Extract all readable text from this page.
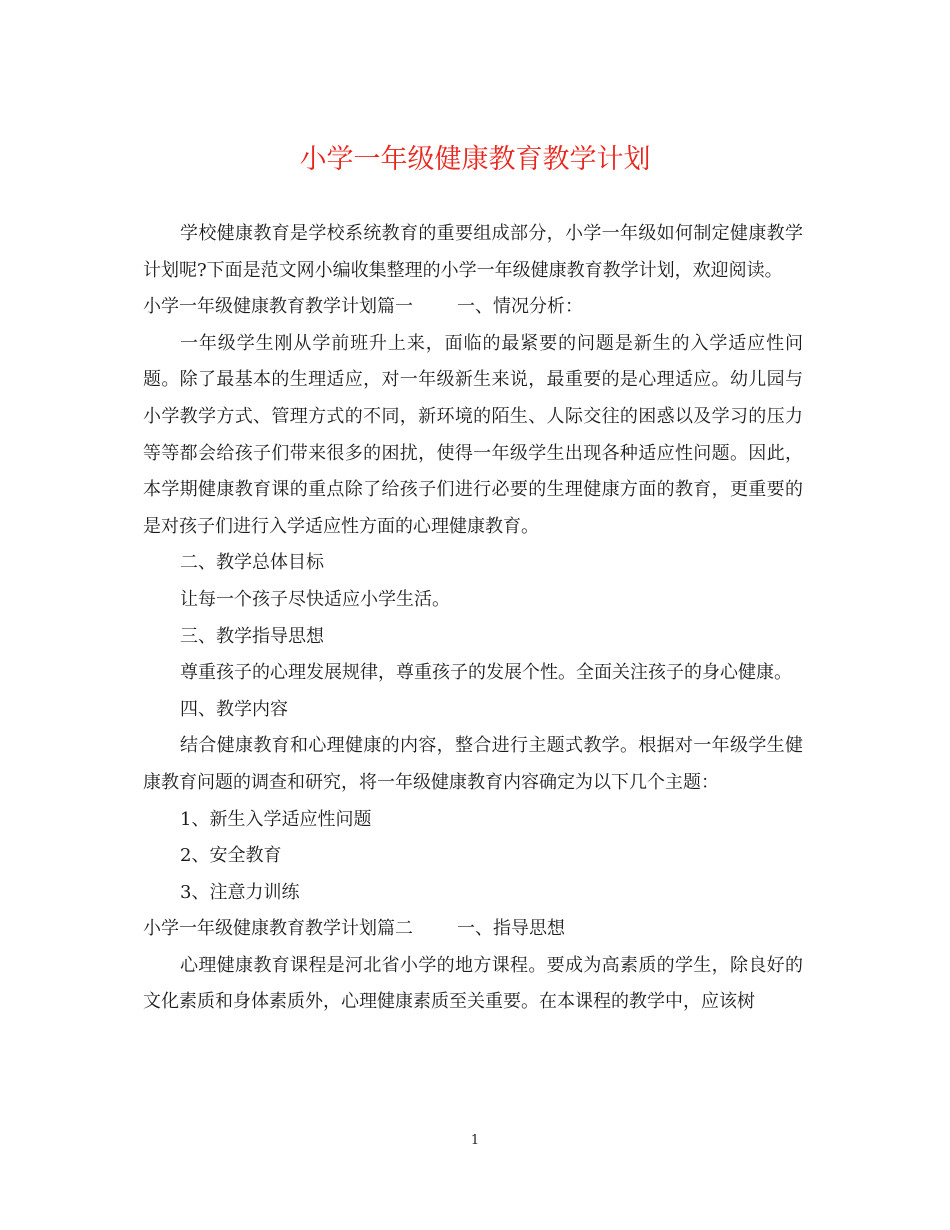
小学一年级健康教育教学计划

学校健康教育是学校系统教育的重要组成部分，小学一年级如何制定健康教学计划呢?下面是范文网小编收集整理的小学一年级健康教育教学计划，欢迎阅读。

小学一年级健康教育教学计划篇一 一、情况分析：

一年级学生刚从学前班升上来，面临的最紧要的问题是新生的入学适应性问题。除了最基本的生理适应，对一年级新生来说，最重要的是心理适应。幼儿园与小学教学方式、管理方式的不同，新环境的陌生、人际交往的困惑以及学习的压力等等都会给孩子们带来很多的困扰，使得一年级学生出现各种适应性问题。因此，本学期健康教育课的重点除了给孩子们进行必要的生理健康方面的教育，更重要的是对孩子们进行入学适应性方面的心理健康教育。

二、教学总体目标

让每一个孩子尽快适应小学生活。

三、教学指导思想

尊重孩子的心理发展规律，尊重孩子的发展个性。全面关注孩子的身心健康。

四、教学内容

结合健康教育和心理健康的内容，整合进行主题式教学。根据对一年级学生健康教育问题的调查和研究，将一年级健康教育内容确定为以下几个主题：

1、新生入学适应性问题

2、安全教育

3、注意力训练

小学一年级健康教育教学计划篇二 一、指导思想

心理健康教育课程是河北省小学的地方课程。要成为高素质的学生，除良好的文化素质和身体素质外，心理健康素质至关重要。在本课程的教学中，应该树

1
